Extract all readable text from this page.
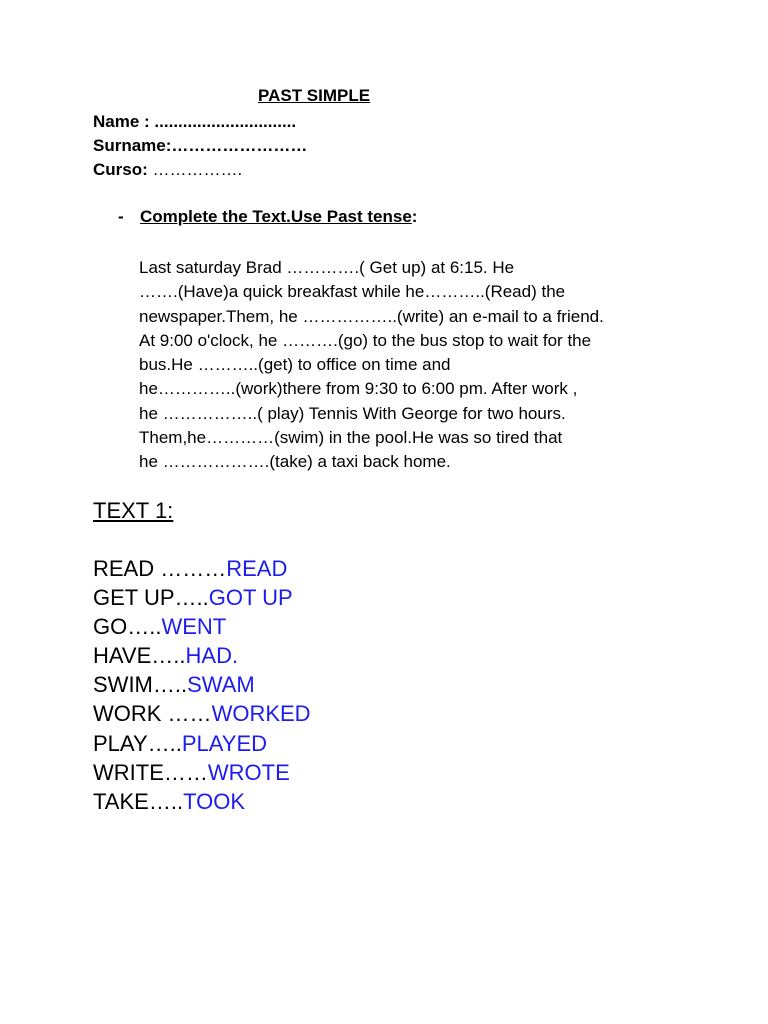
PAST SIMPLE
Name : ..............................
Surname:……………………
Curso: …………….
- Complete the Text.Use Past tense:
Last saturday Brad ………….( Get up) at 6:15. He
…….(Have)a quick breakfast while he………..(Read) the
newspaper.Them, he ……………..(write) an e-mail to a friend.
At 9:00 o'clock, he ……….(go) to the bus stop to wait for the
bus.He ………..(get) to office on time and
he…………..(work)there from 9:30 to 6:00 pm. After work ,
he ……………..( play) Tennis With George for two hours.
Them,he…………(swim) in the pool.He was so tired that
he ……………….(take) a taxi back home.
TEXT 1:
READ ………READ
GET UP…..GOT UP
GO…..WENT
HAVE…..HAD.
SWIM…..SWAM
WORK ……WORKED
PLAY…..PLAYED
WRITE……WROTE
TAKE…..TOOK
